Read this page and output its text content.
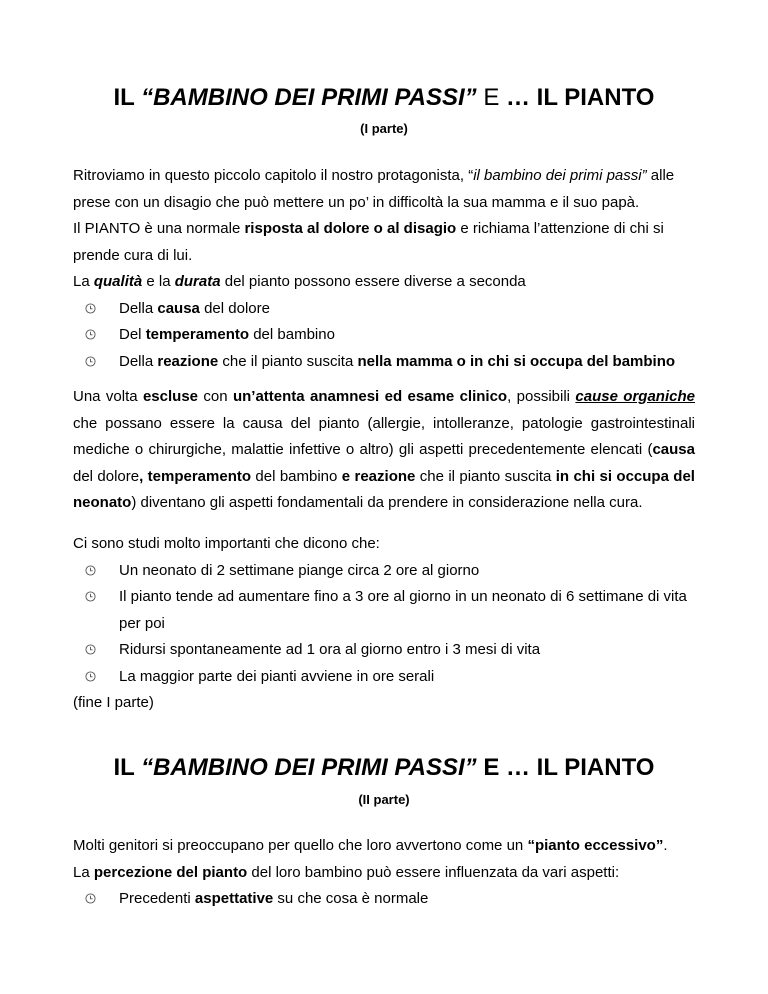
IL “BAMBINO DEI PRIMI PASSI” E … IL PIANTO
(I parte)
Ritroviamo in questo piccolo capitolo il nostro protagonista, “il bambino dei primi passi” alle prese con un disagio che può mettere un po’ in difficoltà la sua mamma e il suo papà.
Il PIANTO è una normale risposta al dolore o al disagio e richiama l’attenzione di chi si prende cura di lui.
La qualità e la durata del pianto possono essere diverse a seconda
Della causa del dolore
Del temperamento del bambino
Della reazione che il pianto suscita nella mamma o in chi si occupa del bambino
Una volta escluse con un’attenta anamnesi ed esame clinico, possibili cause organiche che possano essere la causa del pianto (allergie, intolleranze, patologie gastrointestinali mediche o chirurgiche, malattie infettive o altro) gli aspetti precedentemente elencati (causa del dolore, temperamento del bambino e reazione che il pianto suscita in chi si occupa del neonato) diventano gli aspetti fondamentali da prendere in considerazione nella cura.
Ci sono studi molto importanti che dicono che:
Un neonato di 2 settimane piange circa 2 ore al giorno
Il pianto tende ad aumentare fino a 3 ore al giorno in un neonato di 6 settimane di vita per poi
Ridursi spontaneamente ad 1 ora al giorno entro i 3 mesi di vita
La maggior parte dei pianti avviene in ore serali
(fine I parte)
IL “BAMBINO DEI PRIMI PASSI” E … IL PIANTO
(II parte)
Molti genitori si preoccupano per quello che loro avvertono come un “pianto eccessivo”.
La percezione del pianto del loro bambino può essere influenzata da vari aspetti:
Precedenti aspettative su che cosa è normale
